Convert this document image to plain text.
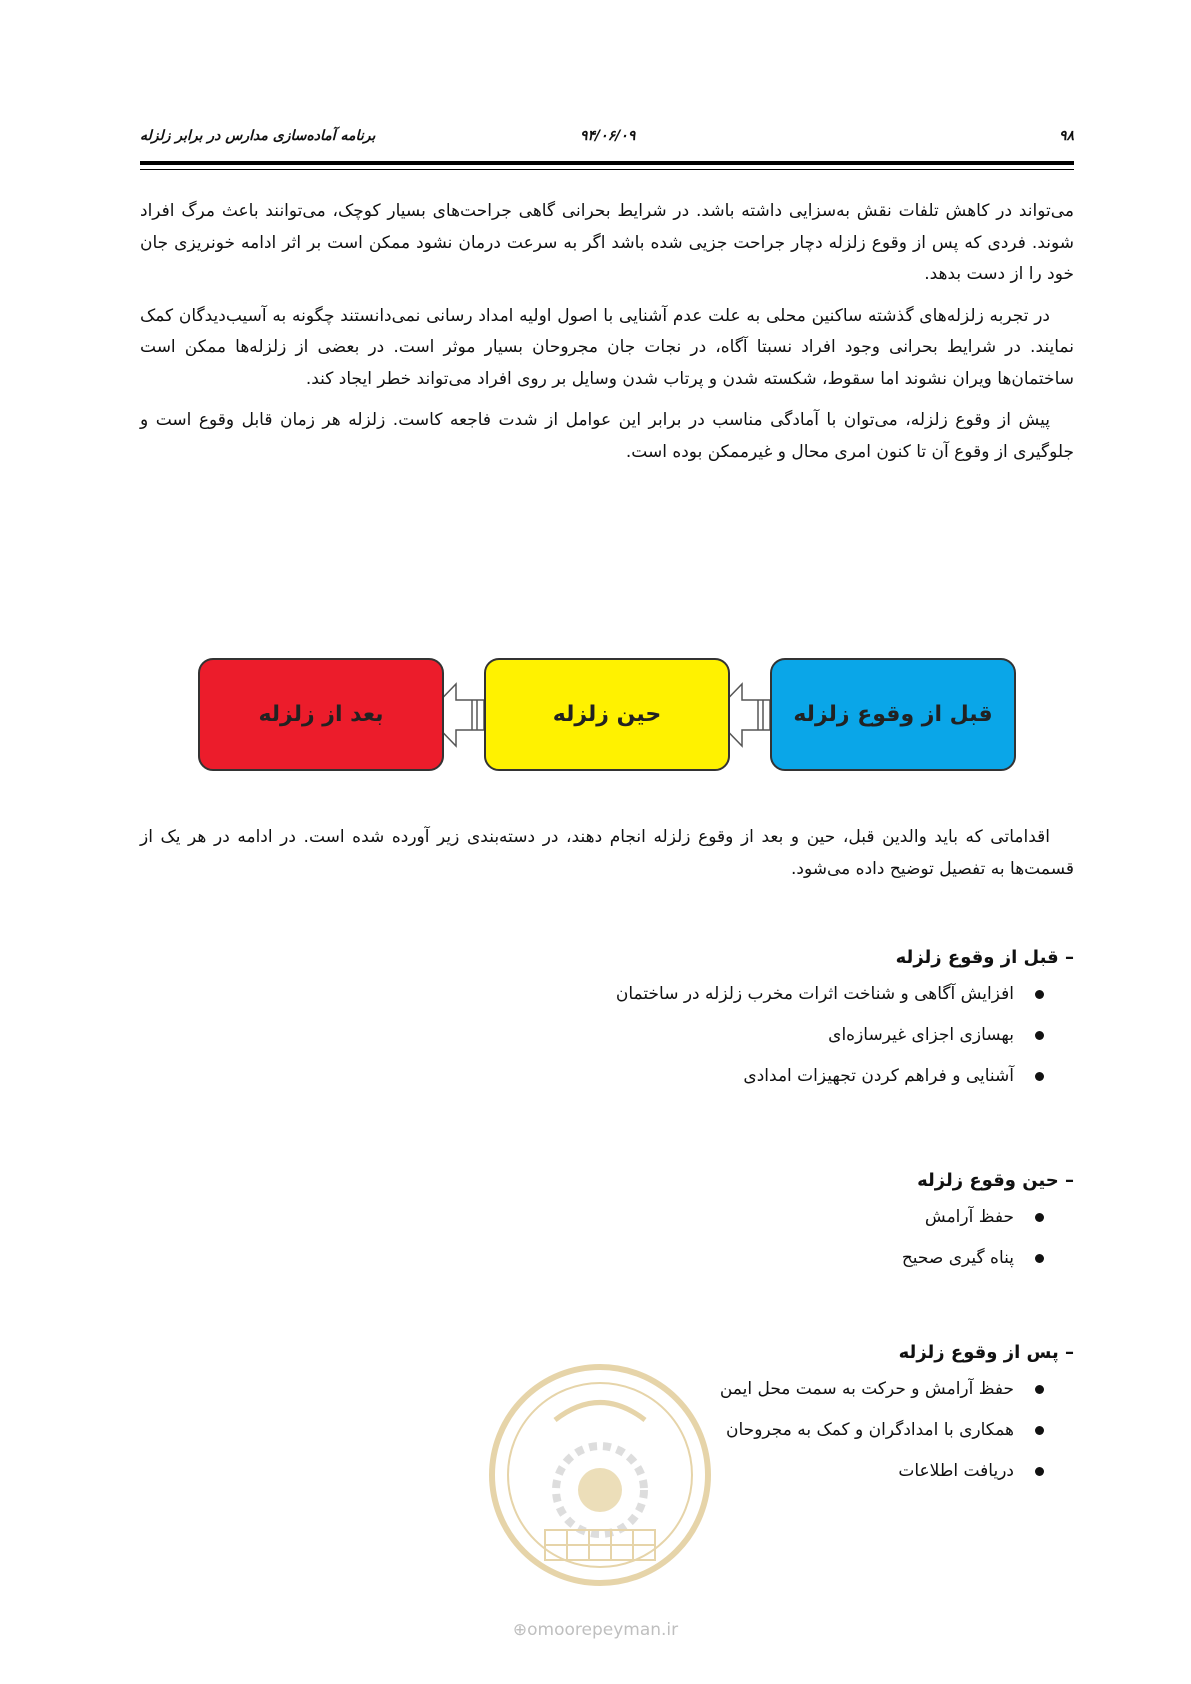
۹۸
۹۴/۰۶/۰۹
برنامه آماده‌سازی مدارس در برابر زلزله

می‌تواند در کاهش تلفات نقش به‌سزایی داشته باشد. در شرایط بحرانی گاهی جراحت‌های بسیار کوچک، می‌توانند باعث مرگ افراد شوند. فردی که پس از وقوع زلزله دچار جراحت جزیی شده باشد اگر به سرعت درمان نشود ممکن است بر اثر ادامه خونریزی جان خود را از دست بدهد.

در تجربه زلزله‌های گذشته ساکنین محلی به علت عدم آشنایی با اصول اولیه امداد رسانی نمی‌دانستند چگونه به آسیب‌دیدگان کمک نمایند. در شرایط بحرانی وجود افراد نسبتا آگاه، در نجات جان مجروحان بسیار موثر است. در بعضی از زلزله‌ها ممکن است ساختمان‌ها ویران نشوند اما سقوط، شکسته شدن و پرتاب شدن وسایل بر روی افراد می‌تواند خطر ایجاد کند.

پیش از وقوع زلزله، می‌توان با آمادگی مناسب در برابر این عوامل از شدت فاجعه کاست. زلزله هر زمان قابل وقوع است و جلوگیری از وقوع آن تا کنون امری محال و غیرممکن بوده است.

قبل از وقوع زلزله
حین زلزله
بعد از زلزله

اقداماتی که باید والدین قبل، حین و بعد از وقوع زلزله انجام دهند، در دسته‌بندی زیر آورده شده است. در ادامه در هر یک از قسمت‌ها به تفصیل توضیح داده می‌شود.

– قبل از وقوع زلزله
افزایش آگاهی و شناخت اثرات مخرب زلزله در ساختمان
بهسازی اجزای غیرسازه‌ای
آشنایی و فراهم کردن تجهیزات امدادی
– حین وقوع زلزله
حفظ آرامش
پناه گیری صحیح
– پس از وقوع زلزله
حفظ آرامش و حرکت به سمت محل ایمن
همکاری با امدادگران و کمک به مجروحان
دریافت اطلاعات
⊕omoorepeyman.ir
